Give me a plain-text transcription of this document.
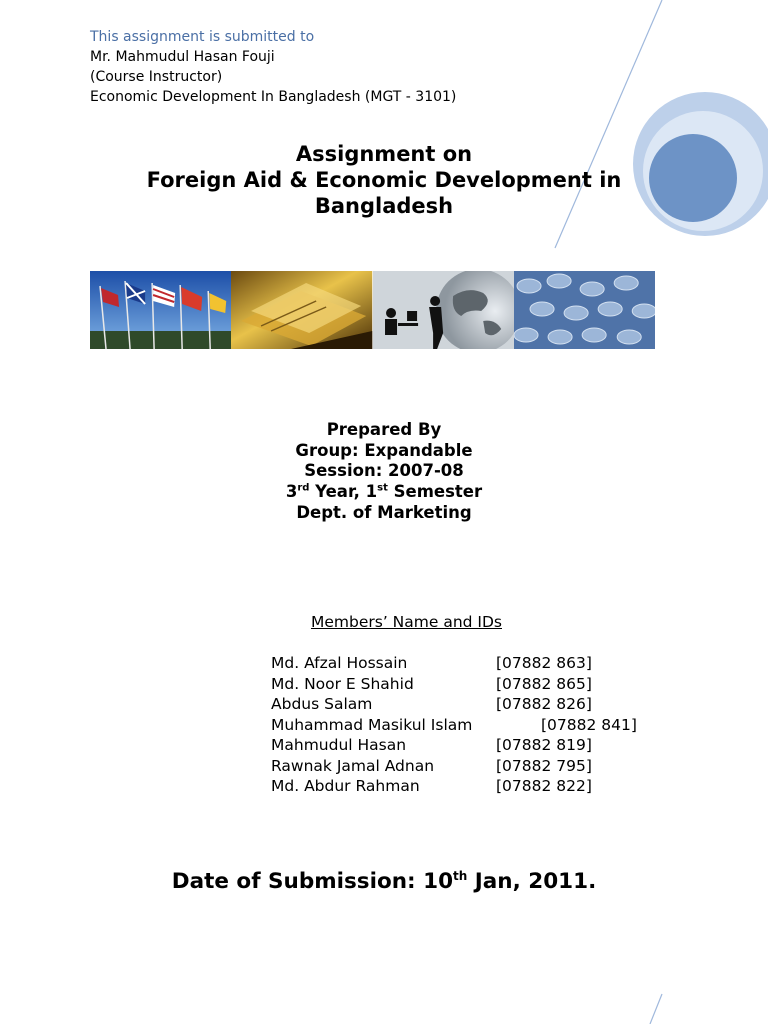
This assignment is submitted to
Mr. Mahmudul Hasan Fouji
(Course Instructor)
Economic Development In Bangladesh (MGT - 3101)
Assignment on
Foreign Aid & Economic Development in
Bangladesh
Prepared By
Group: Expandable
Session: 2007-08
3rd Year, 1st Semester
Dept. of Marketing
Members’ Name and IDs
Md. Afzal Hossain	[07882 863]
Md. Noor E Shahid	[07882 865]
Abdus Salam	[07882 826]
Muhammad Masikul Islam	[07882 841]
Mahmudul Hasan	[07882 819]
Rawnak Jamal Adnan	[07882 795]
Md. Abdur Rahman	[07882 822]
Date of Submission: 10th Jan, 2011.
